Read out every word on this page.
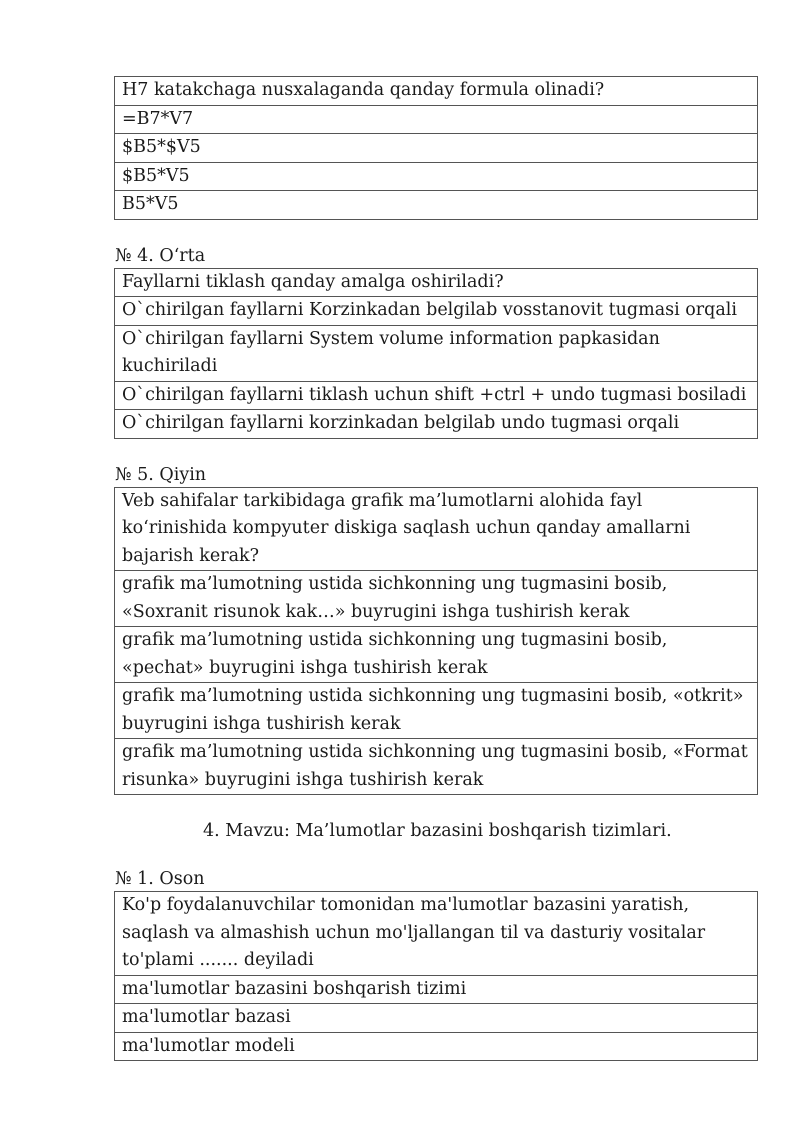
H7 katakchaga nusxalaganda qanday formula olinadi?
=B7*V7
$B5*$V5
$B5*V5
B5*V5
№ 4. O‘rta
Fayllarni tiklash qanday amalga oshiriladi?
O`chirilgan fayllarni Korzinkadan belgilab vosstanovit tugmasi orqali
O`chirilgan fayllarni System volume information papkasidan kuchiriladi
O`chirilgan fayllarni tiklash uchun shift +ctrl + undo tugmasi bosiladi
O`chirilgan fayllarni korzinkadan belgilab undo tugmasi orqali
№ 5. Qiyin
Veb sahifalar tarkibidaga grafik ma’lumotlarni alohida fayl ko‘rinishida kompyuter diskiga saqlash uchun qanday amallarni bajarish kerak?
grafik ma’lumotning ustida sichkonning ung tugmasini bosib, «Soxranit risunok kak…» buyrugini ishga tushirish kerak
grafik ma’lumotning ustida sichkonning ung tugmasini bosib, «pechat» buyrugini ishga tushirish kerak
grafik ma’lumotning ustida sichkonning ung tugmasini bosib, «otkrit» buyrugini ishga tushirish kerak
grafik ma’lumotning ustida sichkonning ung tugmasini bosib, «Format risunka» buyrugini ishga tushirish kerak
4. Mavzu: Ma’lumotlar bazasini boshqarish tizimlari.
№ 1. Oson
Ko'p foydalanuvchilar tomonidan ma'lumotlar bazasini yaratish, saqlash va almashish uchun mo'ljallangan til va dasturiy vositalar to'plami ....... deyiladi
ma'lumotlar bazasini boshqarish tizimi
ma'lumotlar bazasi
ma'lumotlar modeli
